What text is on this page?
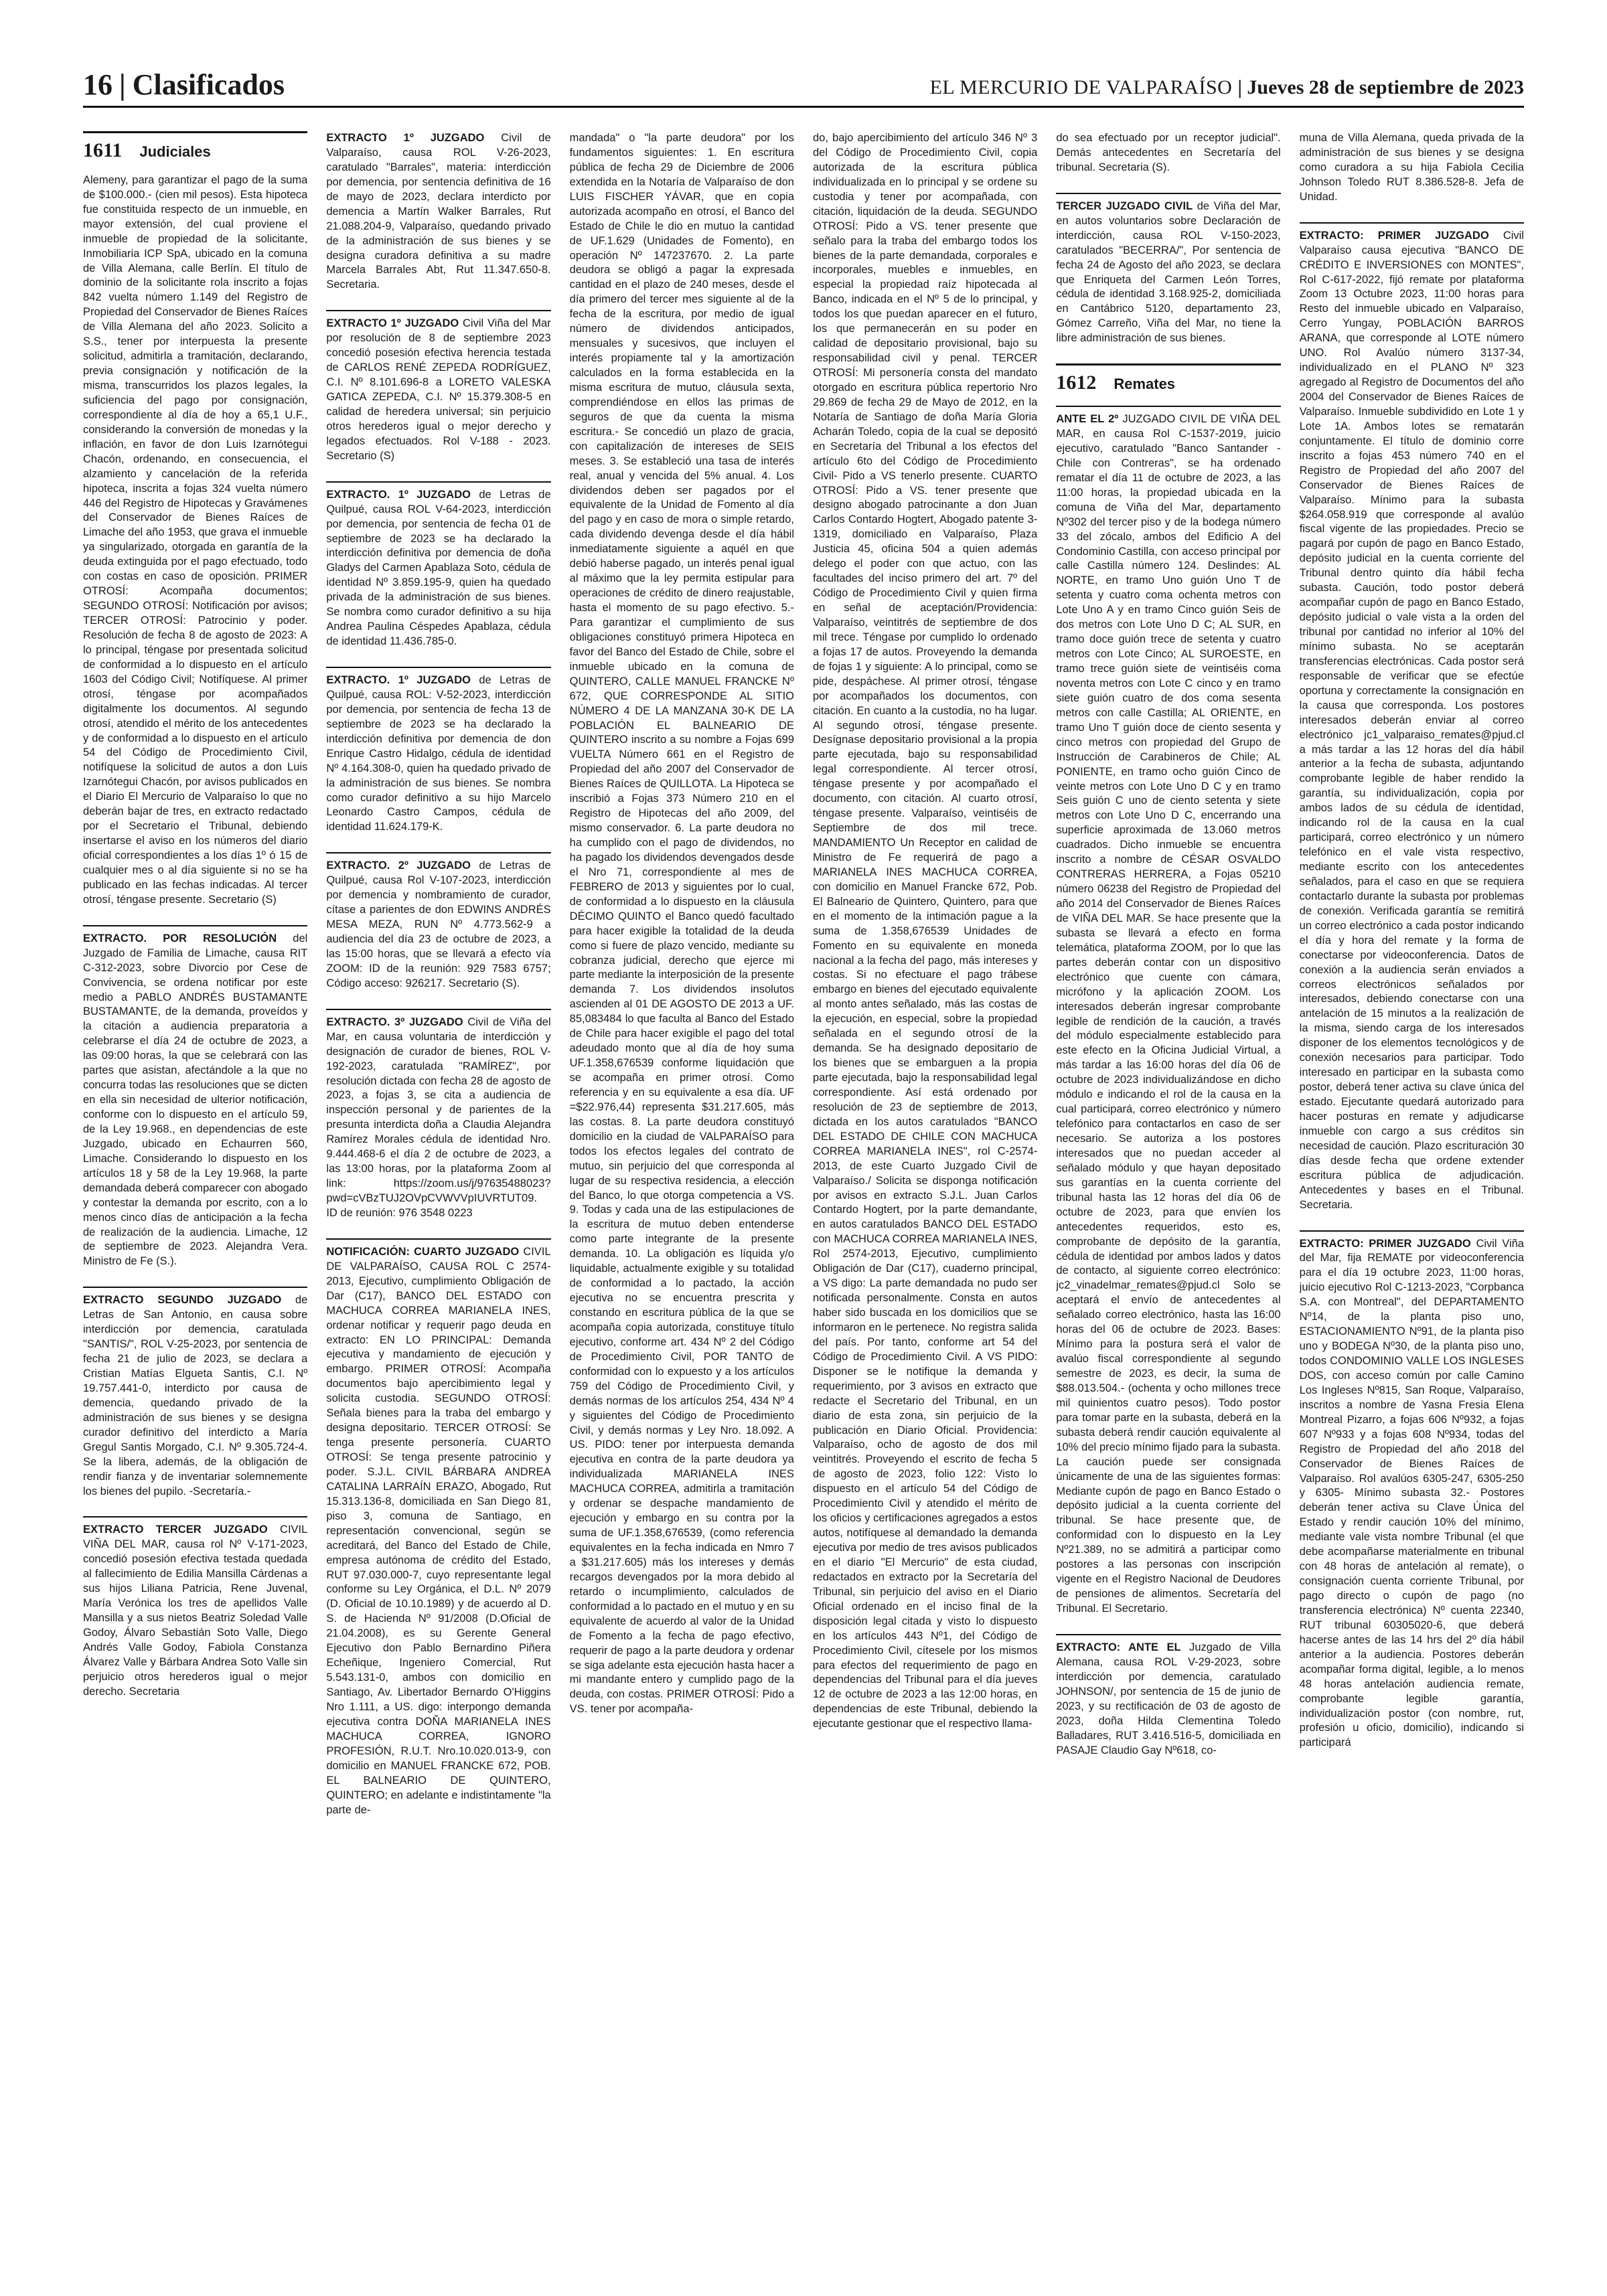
16 | Clasificados	EL MERCURIO DE VALPARAÍSO | Jueves 28 de septiembre de 2023
1611 Judiciales

Alemeny, para garantizar el pago de la suma de $100.000.- (cien mil pesos). Esta hipoteca fue constituida respecto de un inmueble, en mayor extensión, del cual proviene el inmueble de propiedad de la solicitante, Inmobiliaria ICP SpA, ubicado en la comuna de Villa Alemana, calle Berlín. El título de dominio de la solicitante rola inscrito a fojas 842 vuelta número 1.149 del Registro de Propiedad del Conservador de Bienes Raíces de Villa Alemana del año 2023. Solicito a S.S., tener por interpuesta la presente solicitud, admitirla a tramitación, declarando, previa consignación y notificación de la misma, transcurridos los plazos legales, la suficiencia del pago por consignación, correspondiente al día de hoy a 65,1 U.F., considerando la conversión de monedas y la inflación, en favor de don Luis Izarnótegui Chacón, ordenando, en consecuencia, el alzamiento y cancelación de la referida hipoteca, inscrita a fojas 324 vuelta número 446 del Registro de Hipotecas y Gravámenes del Conservador de Bienes Raíces de Limache del año 1953, que grava el inmueble ya singularizado, otorgada en garantía de la deuda extinguida por el pago efectuado, todo con costas en caso de oposición. PRIMER OTROSÍ: Acompaña documentos; SEGUNDO OTROSÍ: Notificación por avisos; TERCER OTROSÍ: Patrocinio y poder. Resolución de fecha 8 de agosto de 2023: A lo principal, téngase por presentada solicitud de conformidad a lo dispuesto en el artículo 1603 del Código Civil; Notifíquese. Al primer otrosí, téngase por acompañados digitalmente los documentos. Al segundo otrosí, atendido el mérito de los antecedentes y de conformidad a lo dispuesto en el artículo 54 del Código de Procedimiento Civil, notifíquese la solicitud de autos a don Luis Izarnótegui Chacón, por avisos publicados en el Diario El Mercurio de Valparaíso lo que no deberán bajar de tres, en extracto redactado por el Secretario el Tribunal, debiendo insertarse el aviso en los números del diario oficial correspondientes a los días 1º ó 15 de cualquier mes o al día siguiente si no se ha publicado en las fechas indicadas. Al tercer otrosí, téngase presente. Secretario (S)

EXTRACTO. POR RESOLUCIÓN del Juzgado de Familia de Limache, causa RIT C-312-2023, sobre Divorcio por Cese de Convivencia, se ordena notificar por este medio a PABLO ANDRÉS BUSTAMANTE BUSTAMANTE, de la demanda, proveídos y la citación a audiencia preparatoria a celebrarse el día 24 de octubre de 2023, a las 09:00 horas, la que se celebrará con las partes que asistan, afectándole a la que no concurra todas las resoluciones que se dicten en ella sin necesidad de ulterior notificación, conforme con lo dispuesto en el artículo 59, de la Ley 19.968., en dependencias de este Juzgado, ubicado en Echaurren 560, Limache. Considerando lo dispuesto en los artículos 18 y 58 de la Ley 19.968, la parte demandada deberá comparecer con abogado y contestar la demanda por escrito, con a lo menos cinco días de anticipación a la fecha de realización de la audiencia. Limache, 12 de septiembre de 2023. Alejandra Vera. Ministro de Fe (S.).

EXTRACTO SEGUNDO JUZGADO de Letras de San Antonio, en causa sobre interdicción por demencia, caratulada "SANTIS/", ROL V-25-2023, por sentencia de fecha 21 de julio de 2023, se declara a Cristian Matías Elgueta Santis, C.I. Nº 19.757.441-0, interdicto por causa de demencia, quedando privado de la administración de sus bienes y se designa curador definitivo del interdicto a María Gregul Santis Morgado, C.I. Nº 9.305.724-4. Se la libera, además, de la obligación de rendir fianza y de inventariar solemnemente los bienes del pupilo. -Secretaría.-

EXTRACTO TERCER JUZGADO CIVIL VIÑA DEL MAR, causa rol Nº V-171-2023, concedió posesión efectiva testada quedada al fallecimiento de Edilia Mansilla Cárdenas a sus hijos Liliana Patricia, Rene Juvenal, María Verónica los tres de apellidos Valle Mansilla y a sus nietos Beatriz Soledad Valle Godoy, Álvaro Sebastián Soto Valle, Diego Andrés Valle Godoy, Fabiola Constanza Álvarez Valle y Bárbara Andrea Soto Valle sin perjuicio otros herederos igual o mejor derecho. Secretaria

EXTRACTO 1º JUZGADO Civil de Valparaíso, causa ROL V-26-2023, caratulado "Barrales", materia: interdicción por demencia, por sentencia definitiva de 16 de mayo de 2023, declara interdicto por demencia a Martín Walker Barrales, Rut 21.088.204-9, Valparaíso, quedando privado de la administración de sus bienes y se designa curadora definitiva a su madre Marcela Barrales Abt, Rut 11.347.650-8. Secretaria.

EXTRACTO 1º JUZGADO Civil Viña del Mar por resolución de 8 de septiembre 2023 concedió posesión efectiva herencia testada de CARLOS RENÉ ZEPEDA RODRÍGUEZ, C.I. Nº 8.101.696-8 a LORETO VALESKA GATICA ZEPEDA, C.I. Nº 15.379.308-5 en calidad de heredera universal; sin perjuicio otros herederos igual o mejor derecho y legados efectuados. Rol V-188 - 2023. Secretario (S)

EXTRACTO. 1º JUZGADO de Letras de Quilpué, causa ROL V-64-2023, interdicción por demencia, por sentencia de fecha 01 de septiembre de 2023 se ha declarado la interdicción definitiva por demencia de doña Gladys del Carmen Apablaza Soto, cédula de identidad Nº 3.859.195-9, quien ha quedado privada de la administración de sus bienes. Se nombra como curador definitivo a su hija Andrea Paulina Céspedes Apablaza, cédula de identidad 11.436.785-0.

EXTRACTO. 1º JUZGADO de Letras de Quilpué, causa ROL: V-52-2023, interdicción por demencia, por sentencia de fecha 13 de septiembre de 2023 se ha declarado la interdicción definitiva por demencia de don Enrique Castro Hidalgo, cédula de identidad Nº 4.164.308-0, quien ha quedado privado de la administración de sus bienes. Se nombra como curador definitivo a su hijo Marcelo Leonardo Castro Campos, cédula de identidad 11.624.179-K.

EXTRACTO. 2º JUZGADO de Letras de Quilpué, causa Rol V-107-2023, interdicción por demencia y nombramiento de curador, cítase a parientes de don EDWINS ANDRÉS MESA MEZA, RUN Nº 4.773.562-9 a audiencia del día 23 de octubre de 2023, a las 15:00 horas, que se llevará a efecto vía ZOOM: ID de la reunión: 929 7583 6757; Código acceso: 926217. Secretario (S).

EXTRACTO. 3º JUZGADO Civil de Viña del Mar, en causa voluntaria de interdicción y designación de curador de bienes, ROL V-192-2023, caratulada "RAMÍREZ", por resolución dictada con fecha 28 de agosto de 2023, a fojas 3, se cita a audiencia de inspección personal y de parientes de la presunta interdicta doña a Claudia Alejandra Ramírez Morales cédula de identidad Nro. 9.444.468-6 el día 2 de octubre de 2023, a las 13:00 horas, por la plataforma Zoom al link: https://zoom.us/j/97635488023?pwd=cVBzTUJ2OVpCVWVVpIUVRTUT09. ID de reunión: 976 3548 0223

NOTIFICACIÓN: CUARTO JUZGADO CIVIL DE VALPARAÍSO, CAUSA ROL C 2574-2013, Ejecutivo, cumplimiento Obligación de Dar (C17), BANCO DEL ESTADO con MACHUCA CORREA MARIANELA INES, ordenar notificar y requerir pago deuda en extracto: EN LO PRINCIPAL: Demanda ejecutiva y mandamiento de ejecución y embargo. PRIMER OTROSÍ: Acompaña documentos bajo apercibimiento legal y solicita custodia. SEGUNDO OTROSÍ: Señala bienes para la traba del embargo y designa depositario. TERCER OTROSÍ: Se tenga presente personería. CUARTO OTROSÍ: Se tenga presente patrocinio y poder. S.J.L. CIVIL BÁRBARA ANDREA CATALINA LARRAÍN ERAZO, Abogado, Rut 15.313.136-8, domiciliada en San Diego 81, piso 3, comuna de Santiago, en representación convencional, según se acreditará, del Banco del Estado de Chile, empresa autónoma de crédito del Estado, RUT 97.030.000-7, cuyo representante legal conforme su Ley Orgánica, el D.L. Nº 2079 (D. Oficial de 10.10.1989) y de acuerdo al D. S. de Hacienda Nº 91/2008 (D.Oficial de 21.04.2008), es su Gerente General Ejecutivo don Pablo Bernardino Piñera Echeñique, Ingeniero Comercial, Rut 5.543.131-0, ambos con domicilio en Santiago, Av. Libertador Bernardo O'Higgins Nro 1.111, a US. digo: interpongo demanda ejecutiva contra DOÑA MARIANELA INES MACHUCA CORREA, IGNORO PROFESIÓN, R.U.T. Nro.10.020.013-9, con domicilio en MANUEL FRANCKE 672, POB. EL BALNEARIO DE QUINTERO, QUINTERO; en adelante e indistintamente "la parte de-

mandada" o "la parte deudora" por los fundamentos siguientes: 1. En escritura pública de fecha 29 de Diciembre de 2006 extendida en la Notaría de Valparaíso de don LUIS FISCHER YÁVAR, que en copia autorizada acompaño en otrosí, el Banco del Estado de Chile le dio en mutuo la cantidad de UF.1.629 (Unidades de Fomento), en operación Nº 147237670. 2. La parte deudora se obligó a pagar la expresada cantidad en el plazo de 240 meses, desde el día primero del tercer mes siguiente al de la fecha de la escritura, por medio de igual número de dividendos anticipados, mensuales y sucesivos, que incluyen el interés propiamente tal y la amortización calculados en la forma establecida en la misma escritura de mutuo, cláusula sexta, comprendiéndose en ellos las primas de seguros de que da cuenta la misma escritura.- Se concedió un plazo de gracia, con capitalización de intereses de SEIS meses. 3. Se estableció una tasa de interés real, anual y vencida del 5% anual. 4. Los dividendos deben ser pagados por el equivalente de la Unidad de Fomento al día del pago y en caso de mora o simple retardo, cada dividendo devenga desde el día hábil inmediatamente siguiente a aquél en que debió haberse pagado, un interés penal igual al máximo que la ley permita estipular para operaciones de crédito de dinero reajustable, hasta el momento de su pago efectivo. 5.- Para garantizar el cumplimiento de sus obligaciones constituyó primera Hipoteca en favor del Banco del Estado de Chile, sobre el inmueble ubicado en la comuna de QUINTERO, CALLE MANUEL FRANCKE Nº 672, QUE CORRESPONDE AL SITIO NÚMERO 4 DE LA MANZANA 30-K DE LA POBLACIÓN EL BALNEARIO DE QUINTERO inscrito a su nombre a Fojas 699 VUELTA Número 661 en el Registro de Propiedad del año 2007 del Conservador de Bienes Raíces de QUILLOTA. La Hipoteca se inscribió a Fojas 373 Número 210 en el Registro de Hipotecas del año 2009, del mismo conservador. 6. La parte deudora no ha cumplido con el pago de dividendos, no ha pagado los dividendos devengados desde el Nro 71, correspondiente al mes de FEBRERO de 2013 y siguientes por lo cual, de conformidad a lo dispuesto en la cláusula DÉCIMO QUINTO el Banco quedó facultado para hacer exigible la totalidad de la deuda como si fuere de plazo vencido, mediante su cobranza judicial, derecho que ejerce mi parte mediante la interposición de la presente demanda 7. Los dividendos insolutos ascienden al 01 DE AGOSTO DE 2013 a UF. 85,083484 lo que faculta al Banco del Estado de Chile para hacer exigible el pago del total adeudado monto que al día de hoy suma UF.1.358,676539 conforme liquidación que se acompaña en primer otrosí. Como referencia y en su equivalente a esa día. UF =$22.976,44) representa $31.217.605, más las costas. 8. La parte deudora constituyó domicilio en la ciudad de VALPARAÍSO para todos los efectos legales del contrato de mutuo, sin perjuicio del que corresponda al lugar de su respectiva residencia, a elección del Banco, lo que otorga competencia a VS. 9. Todas y cada una de las estipulaciones de la escritura de mutuo deben entenderse como parte integrante de la presente demanda. 10. La obligación es líquida y/o liquidable, actualmente exigible y su totalidad de conformidad a lo pactado, la acción ejecutiva no se encuentra prescrita y constando en escritura pública de la que se acompaña copia autorizada, constituye título ejecutivo, conforme art. 434 Nº 2 del Código de Procedimiento Civil, POR TANTO de conformidad con lo expuesto y a los artículos 759 del Código de Procedimiento Civil, y demás normas de los artículos 254, 434 Nº 4 y siguientes del Código de Procedimiento Civil, y demás normas y Ley Nro. 18.092. A US. PIDO: tener por interpuesta demanda ejecutiva en contra de la parte deudora ya individualizada MARIANELA INES MACHUCA CORREA, admitirla a tramitación y ordenar se despache mandamiento de ejecución y embargo en su contra por la suma de UF.1.358,676539, (como referencia equivalentes en la fecha indicada en Nmro 7 a $31.217.605) más los intereses y demás recargos devengados por la mora debido al retardo o incumplimiento, calculados de conformidad a lo pactado en el mutuo y en su equivalente de acuerdo al valor de la Unidad de Fomento a la fecha de pago efectivo, requerir de pago a la parte deudora y ordenar se siga adelante esta ejecución hasta hacer a mi mandante entero y cumplido pago de la deuda, con costas. PRIMER OTROSÍ: Pido a VS. tener por acompaña-

do, bajo apercibimiento del artículo 346 Nº 3 del Código de Procedimiento Civil, copia autorizada de la escritura pública individualizada en lo principal y se ordene su custodia y tener por acompañada, con citación, liquidación de la deuda. SEGUNDO OTROSÍ: Pido a VS. tener presente que señalo para la traba del embargo todos los bienes de la parte demandada, corporales e incorporales, muebles e inmuebles, en especial la propiedad raíz hipotecada al Banco, indicada en el Nº 5 de lo principal, y todos los que puedan aparecer en el futuro, los que permanecerán en su poder en calidad de depositario provisional, bajo su responsabilidad civil y penal. TERCER OTROSÍ: Mi personería consta del mandato otorgado en escritura pública repertorio Nro 29.869 de fecha 29 de Mayo de 2012, en la Notaría de Santiago de doña María Gloria Acharán Toledo, copia de la cual se depositó en Secretaría del Tribunal a los efectos del artículo 6to del Código de Procedimiento Civil- Pido a VS tenerlo presente. CUARTO OTROSÍ: Pido a VS. tener presente que designo abogado patrocinante a don Juan Carlos Contardo Hogtert, Abogado patente 3-1319, domiciliado en Valparaíso, Plaza Justicia 45, oficina 504 a quien además delego el poder con que actuo, con las facultades del inciso primero del art. 7º del Código de Procedimiento Civil y quien firma en señal de aceptación/Providencia: Valparaíso, veintitrés de septiembre de dos mil trece. Téngase por cumplido lo ordenado a fojas 17 de autos. Proveyendo la demanda de fojas 1 y siguiente: A lo principal, como se pide, despáchese. Al primer otrosí, téngase por acompañados los documentos, con citación. En cuanto a la custodia, no ha lugar. Al segundo otrosí, téngase presente. Desígnase depositario provisional a la propia parte ejecutada, bajo su responsabilidad legal correspondiente. Al tercer otrosí, téngase presente y por acompañado el documento, con citación. Al cuarto otrosí, téngase presente. Valparaíso, veintiséis de Septiembre de dos mil trece. MANDAMIENTO Un Receptor en calidad de Ministro de Fe requerirá de pago a MARIANELA INES MACHUCA CORREA, con domicilio en Manuel Francke 672, Pob. El Balneario de Quintero, Quintero, para que en el momento de la intimación pague a la suma de 1.358,676539 Unidades de Fomento en su equivalente en moneda nacional a la fecha del pago, más intereses y costas. Si no efectuare el pago trábese embargo en bienes del ejecutado equivalente al monto antes señalado, más las costas de la ejecución, en especial, sobre la propiedad señalada en el segundo otrosí de la demanda. Se ha designado depositario de los bienes que se embarguen a la propia parte ejecutada, bajo la responsabilidad legal correspondiente. Así está ordenado por resolución de 23 de septiembre de 2013, dictada en los autos caratulados "BANCO DEL ESTADO DE CHILE CON MACHUCA CORREA MARIANELA INES", rol C-2574-2013, de este Cuarto Juzgado Civil de Valparaíso./ Solicita se disponga notificación por avisos en extracto S.J.L. Juan Carlos Contardo Hogtert, por la parte demandante, en autos caratulados BANCO DEL ESTADO con MACHUCA CORREA MARIANELA INES, Rol 2574-2013, Ejecutivo, cumplimiento Obligación de Dar (C17), cuaderno principal, a VS digo: La parte demandada no pudo ser notificada personalmente. Consta en autos haber sido buscada en los domicilios que se informaron en le pertenece. No registra salida del país. Por tanto, conforme art 54 del Código de Procedimiento Civil. A VS PIDO: Disponer se le notifique la demanda y requerimiento, por 3 avisos en extracto que redacte el Secretario del Tribunal, en un diario de esta zona, sin perjuicio de la publicación en Diario Oficial. Providencia: Valparaíso, ocho de agosto de dos mil veintitrés. Proveyendo el escrito de fecha 5 de agosto de 2023, folio 122: Visto lo dispuesto en el artículo 54 del Código de Procedimiento Civil y atendido el mérito de los oficios y certificaciones agregados a estos autos, notifíquese al demandado la demanda ejecutiva por medio de tres avisos publicados en el diario "El Mercurio" de esta ciudad, redactados en extracto por la Secretaría del Tribunal, sin perjuicio del aviso en el Diario Oficial ordenado en el inciso final de la disposición legal citada y visto lo dispuesto en los artículos 443 Nº1, del Código de Procedimiento Civil, cítesele por los mismos para efectos del requerimiento de pago en dependencias del Tribunal para el día jueves 12 de octubre de 2023 a las 12:00 horas, en dependencias de este Tribunal, debiendo la ejecutante gestionar que el respectivo llama-

do sea efectuado por un receptor judicial". Demás antecedentes en Secretaría del tribunal. Secretaria (S).

TERCER JUZGADO CIVIL de Viña del Mar, en autos voluntarios sobre Declaración de interdicción, causa ROL V-150-2023, caratulados "BECERRA/", Por sentencia de fecha 24 de Agosto del año 2023, se declara que Enriqueta del Carmen León Torres, cédula de identidad 3.168.925-2, domiciliada en Cantábrico 5120, departamento 23, Gómez Carreño, Viña del Mar, no tiene la libre administración de sus bienes.

1612 Remates

ANTE EL 2º JUZGADO CIVIL DE VIÑA DEL MAR, en causa Rol C-1537-2019, juicio ejecutivo, caratulado "Banco Santander - Chile con Contreras", se ha ordenado rematar el día 11 de octubre de 2023, a las 11:00 horas, la propiedad ubicada en la comuna de Viña del Mar, departamento Nº302 del tercer piso y de la bodega número 33 del zócalo, ambos del Edificio A del Condominio Castilla, con acceso principal por calle Castilla número 124. Deslindes: AL NORTE, en tramo Uno guión Uno T de setenta y cuatro coma ochenta metros con Lote Uno A y en tramo Cinco guión Seis de dos metros con Lote Uno D C; AL SUR, en tramo doce guión trece de setenta y cuatro metros con Lote Cinco; AL SUROESTE, en tramo trece guión siete de veintiséis coma noventa metros con Lote C cinco y en tramo siete guión cuatro de dos coma sesenta metros con calle Castilla; AL ORIENTE, en tramo Uno T guión doce de ciento sesenta y cinco metros con propiedad del Grupo de Instrucción de Carabineros de Chile; AL PONIENTE, en tramo ocho guión Cinco de veinte metros con Lote Uno D C y en tramo Seis guión C uno de ciento setenta y siete metros con Lote Uno D C, encerrando una superficie aproximada de 13.060 metros cuadrados. Dicho inmueble se encuentra inscrito a nombre de CÉSAR OSVALDO CONTRERAS HERRERA, a Fojas 05210 número 06238 del Registro de Propiedad del año 2014 del Conservador de Bienes Raíces de VIÑA DEL MAR. Se hace presente que la subasta se llevará a efecto en forma telemática, plataforma ZOOM, por lo que las partes deberán contar con un dispositivo electrónico que cuente con cámara, micrófono y la aplicación ZOOM. Los interesados deberán ingresar comprobante legible de rendición de la caución, a través del módulo especialmente establecido para este efecto en la Oficina Judicial Virtual, a más tardar a las 16:00 horas del día 06 de octubre de 2023 individualizándose en dicho módulo e indicando el rol de la causa en la cual participará, correo electrónico y número telefónico para contactarlos en caso de ser necesario. Se autoriza a los postores interesados que no puedan acceder al señalado módulo y que hayan depositado sus garantías en la cuenta corriente del tribunal hasta las 12 horas del día 06 de octubre de 2023, para que envíen los antecedentes requeridos, esto es, comprobante de depósito de la garantía, cédula de identidad por ambos lados y datos de contacto, al siguiente correo electrónico: jc2_vinadelmar_remates@pjud.cl Solo se aceptará el envío de antecedentes al señalado correo electrónico, hasta las 16:00 horas del 06 de octubre de 2023. Bases: Mínimo para la postura será el valor de avalúo fiscal correspondiente al segundo semestre de 2023, es decir, la suma de $88.013.504.- (ochenta y ocho millones trece mil quinientos cuatro pesos). Todo postor para tomar parte en la subasta, deberá en la subasta deberá rendir caución equivalente al 10% del precio mínimo fijado para la subasta. La caución puede ser consignada únicamente de una de las siguientes formas: Mediante cupón de pago en Banco Estado o depósito judicial a la cuenta corriente del tribunal. Se hace presente que, de conformidad con lo dispuesto en la Ley Nº21.389, no se admitirá a participar como postores a las personas con inscripción vigente en el Registro Nacional de Deudores de pensiones de alimentos. Secretaría del Tribunal. El Secretario.

EXTRACTO: ANTE EL Juzgado de Villa Alemana, causa ROL V-29-2023, sobre interdicción por demencia, caratulado JOHNSON/, por sentencia de 15 de junio de 2023, y su rectificación de 03 de agosto de 2023, doña Hilda Clementina Toledo Balladares, RUT 3.416.516-5, domiciliada en PASAJE Claudio Gay Nº618, co-

muna de Villa Alemana, queda privada de la administración de sus bienes y se designa como curadora a su hija Fabiola Cecilia Johnson Toledo RUT 8.386.528-8. Jefa de Unidad.

EXTRACTO: PRIMER JUZGADO Civil Valparaíso causa ejecutiva "BANCO DE CRÉDITO E INVERSIONES con MONTES", Rol C-617-2022, fijó remate por plataforma Zoom 13 Octubre 2023, 11:00 horas para Resto del inmueble ubicado en Valparaíso, Cerro Yungay, POBLACIÓN BARROS ARANA, que corresponde al LOTE número UNO. Rol Avalúo número 3137-34, individualizado en el PLANO Nº 323 agregado al Registro de Documentos del año 2004 del Conservador de Bienes Raíces de Valparaíso. Inmueble subdividido en Lote 1 y Lote 1A. Ambos lotes se rematarán conjuntamente. El título de dominio corre inscrito a fojas 453 número 740 en el Registro de Propiedad del año 2007 del Conservador de Bienes Raíces de Valparaíso. Mínimo para la subasta $264.058.919 que corresponde al avalúo fiscal vigente de las propiedades. Precio se pagará por cupón de pago en Banco Estado, depósito judicial en la cuenta corriente del Tribunal dentro quinto día hábil fecha subasta. Caución, todo postor deberá acompañar cupón de pago en Banco Estado, depósito judicial o vale vista a la orden del tribunal por cantidad no inferior al 10% del mínimo subasta. No se aceptarán transferencias electrónicas. Cada postor será responsable de verificar que se efectúe oportuna y correctamente la consignación en la causa que corresponda. Los postores interesados deberán enviar al correo electrónico jc1_valparaiso_remates@pjud.cl a más tardar a las 12 horas del día hábil anterior a la fecha de subasta, adjuntando comprobante legible de haber rendido la garantía, su individualización, copia por ambos lados de su cédula de identidad, indicando rol de la causa en la cual participará, correo electrónico y un número telefónico en el vale vista respectivo, mediante escrito con los antecedentes señalados, para el caso en que se requiera contactarlo durante la subasta por problemas de conexión. Verificada garantía se remitirá un correo electrónico a cada postor indicando el día y hora del remate y la forma de conectarse por videoconferencia. Datos de conexión a la audiencia serán enviados a correos electrónicos señalados por interesados, debiendo conectarse con una antelación de 15 minutos a la realización de la misma, siendo carga de los interesados disponer de los elementos tecnológicos y de conexión necesarios para participar. Todo interesado en participar en la subasta como postor, deberá tener activa su clave única del estado. Ejecutante quedará autorizado para hacer posturas en remate y adjudicarse inmueble con cargo a sus créditos sin necesidad de caución. Plazo escrituración 30 días desde fecha que ordene extender escritura pública de adjudicación. Antecedentes y bases en el Tribunal. Secretaria.

EXTRACTO: PRIMER JUZGADO Civil Viña del Mar, fija REMATE por videoconferencia para el día 19 octubre 2023, 11:00 horas, juicio ejecutivo Rol C-1213-2023, "Corpbanca S.A. con Montreal", del DEPARTAMENTO Nº14, de la planta piso uno, ESTACIONAMIENTO Nº91, de la planta piso uno y BODEGA Nº30, de la planta piso uno, todos CONDOMINIO VALLE LOS INGLESES DOS, con acceso común por calle Camino Los Ingleses Nº815, San Roque, Valparaíso, inscritos a nombre de Yasna Fresia Elena Montreal Pizarro, a fojas 606 Nº932, a fojas 607 Nº933 y a fojas 608 Nº934, todas del Registro de Propiedad del año 2018 del Conservador de Bienes Raíces de Valparaíso. Rol avalúos 6305-247, 6305-250 y 6305- Mínimo subasta 32.- Postores deberán tener activa su Clave Única del Estado y rendir caución 10% del mínimo, mediante vale vista nombre Tribunal (el que debe acompañarse materialmente en tribunal con 48 horas de antelación al remate), o consignación cuenta corriente Tribunal, por pago directo o cupón de pago (no transferencia electrónica) Nº cuenta 22340, RUT tribunal 60305020-6, que deberá hacerse antes de las 14 hrs del 2º día hábil anterior a la audiencia. Postores deberán acompañar forma digital, legible, a lo menos 48 horas antelación audiencia remate, comprobante legible garantía, individualización postor (con nombre, rut, profesión u oficio, domicilio), indicando si participará
